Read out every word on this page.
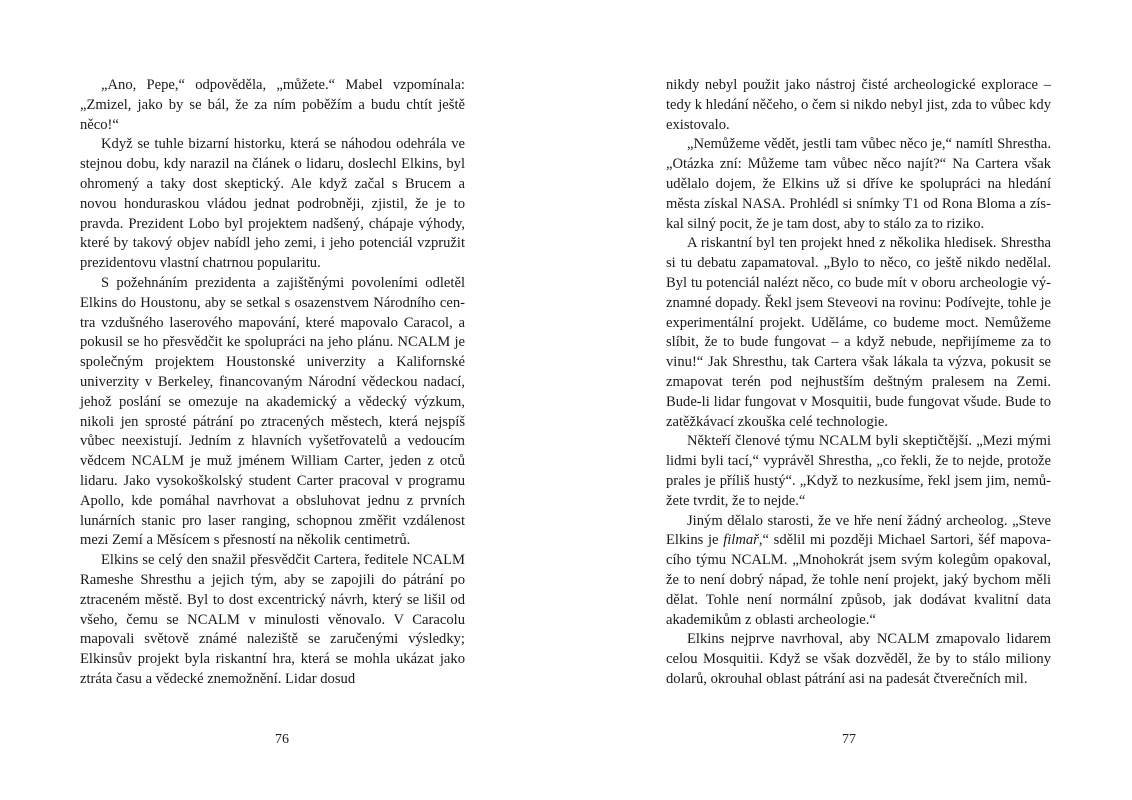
„Ano, Pepe,“ odpověděla, „můžete.“ Mabel vzpomínala: „Zmizel, jako by se bál, že za ním poběžím a budu chtít ještě něco!“

Když se tuhle bizarní historku, která se náhodou odehrála ve stejnou dobu, kdy narazil na článek o lidaru, doslechl Elkins, byl ohromený a taky dost skeptický. Ale když začal s Brucem a novou honduraskou vládou jednat podrobněji, zjistil, že je to pravda. Prezident Lobo byl projektem nadšený, chápaje výhody, které by takový objev nabídl jeho zemi, i jeho potenciál vzpružit prezidentovu vlastní chatrnou popularitu.

S požehnáním prezidenta a zajištěnými povoleními odletěl Elkins do Houstonu, aby se setkal s osazenstvem Národního centra vzdušného laserového mapování, které mapovalo Caracol, a pokusil se ho přesvědčit ke spolupráci na jeho plánu. NCALM je společným projektem Houstonské univerzity a Kalifornské univerzity v Berkeley, financovaným Národní vědeckou nadací, jehož poslání se omezuje na akademický a vědecký výzkum, nikoli jen sprosté pátrání po ztracených městech, která nejspíš vůbec neexistují. Jedním z hlavních vyšetřovatelů a vedoucím vědcem NCALM je muž jménem William Carter, jeden z otců lidaru. Jako vysokoškolský student Carter pracoval v programu Apollo, kde pomáhal navrhovat a obsluhovat jednu z prvních lunárních stanic pro laser ranging, schopnou změřit vzdálenost mezi Zemí a Měsícem s přesností na několik centimetrů.

Elkins se celý den snažil přesvědčit Cartera, ředitele NCALM Rameshe Shresthu a jejich tým, aby se zapojili do pátrání po ztraceném městě. Byl to dost excentrický návrh, který se lišil od všeho, čemu se NCALM v minulosti věnovalo. V Caracolu mapovali světově známé naleziště se zaručenými výsledky; Elkinsův projekt byla riskantní hra, která se mohla ukázat jako ztráta času a vědecké znemožnění. Lidar dosud

nikdy nebyl použit jako nástroj čisté archeologické explorace – tedy k hledání něčeho, o čem si nikdo nebyl jist, zda to vůbec kdy existovalo.

„Nemůžeme vědět, jestli tam vůbec něco je,“ namítl Shrestha. „Otázka zní: Můžeme tam vůbec něco najít?“ Na Cartera však udělalo dojem, že Elkins už si dříve ke spolupráci na hledání města získal NASA. Prohlédl si snímky T1 od Rona Bloma a získal silný pocit, že je tam dost, aby to stálo za to riziko.

A riskantní byl ten projekt hned z několika hledisek. Shrestha si tu debatu zapamatoval. „Bylo to něco, co ještě nikdo nedělal. Byl tu potenciál nalézt něco, co bude mít v oboru archeologie významné dopady. Řekl jsem Steveovi na rovinu: Podívejte, tohle je experimentální projekt. Uděláme, co budeme moct. Nemůžeme slíbit, že to bude fungovat – a když nebude, nepřijímeme za to vinu!“ Jak Shresthu, tak Cartera však lákala ta výzva, pokusit se zmapovat terén pod nejhustším deštným pralesem na Zemi. Bude-li lidar fungovat v Mosquitii, bude fungovat všude. Bude to zatěžkávací zkouška celé technologie.

Někteří členové týmu NCALM byli skeptičtější. „Mezi mými lidmi byli tací,“ vyprávěl Shrestha, „co řekli, že to nejde, protože prales je příliš hustý“. „Když to nezkusíme, řekl jsem jim, nemůžete tvrdit, že to nejde.“

Jiným dělalo starosti, že ve hře není žádný archeolog. „Steve Elkins je filmař,“ sdělil mi později Michael Sartori, šéf mapovacího týmu NCALM. „Mnohokrát jsem svým kolegům opakoval, že to není dobrý nápad, že tohle není projekt, jaký bychom měli dělat. Tohle není normální způsob, jak dodávat kvalitní data akademikům z oblasti archeologie.“

Elkins nejprve navrhoval, aby NCALM zmapovalo lidarem celou Mosquitii. Když se však dozvěděl, že by to stálo miliony dolarů, okrouhal oblast pátrání asi na padesát čtverečních mil.

76	77
